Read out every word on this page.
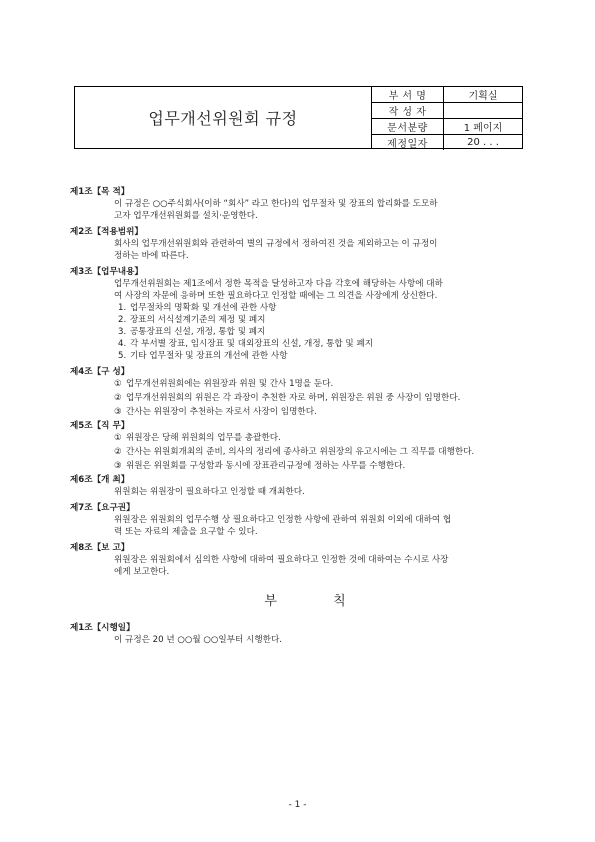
업무개선위원회 규정
부 서 명	기획실
작 성 자
문서분량	1 페이지
제정일자	20 . . .
제1조【목 적】
이 규정은 ○○주식회사(이하 “회사” 라고 한다)의 업무절차 및 장표의 합리화를 도모하
고자 업무개선위원회를 설치·운영한다.
제2조【적용범위】
회사의 업무개선위원회와 관련하여 별의 규정에서 정하여진 것을 제외하고는 이 규정이
정하는 바에 따른다.
제3조【업무내용】
업무개선위원회는 제1조에서 정한 목적을 달성하고자 다음 각호에 해당하는 사항에 대하
여 사장의 자문에 응하며 또한 필요하다고 인정할 때에는 그 의견을 사장에게 상신한다.
1. 업무절차의 명확화 및 개선에 관한 사항
2. 장표의 서식설계기준의 제정 및 폐지
3. 공통장표의 신설, 개정, 통합 및 폐지
4. 각 부서별 장표, 임시장표 및 대외장표의 신설, 개정, 통합 및 폐지
5. 기타 업무절차 및 장표의 개선에 관한 사항
제4조【구 성】
① 업무개선위원회에는 위원장과 위원 및 간사 1명을 둔다.
② 업무개선위원회의 위원은 각 과장이 추천한 자로 하며, 위원장은 위원 중 사장이 임명한다.
③ 간사는 위원장이 추천하는 자로서 사장이 임명한다.
제5조【직 무】
① 위원장은 당해 위원회의 업무를 총괄한다.
② 간사는 위원회개최의 준비, 의사의 정리에 종사하고 위원장의 유고시에는 그 직무를 대행한다.
③ 위원은 위원회를 구성함과 동시에 장표관리규정에 정하는 사무를 수행한다.
제6조【개 최】
위원회는 위원장이 필요하다고 인정할 때 개최한다.
제7조【요구권】
위원장은 위원회의 업무수행 상 필요하다고 인정한 사항에 관하여 위원회 이외에 대하여 협
력 또는 자료의 제출을 요구할 수 있다.
제8조【보 고】
위원장은 위원회에서 심의한 사항에 대하여 필요하다고 인정한 것에 대하여는 수시로 사장
에게 보고한다.
부 칙
제1조【시행일】
이 규정은 20 년 ○○월 ○○일부터 시행한다.
- 1 -
